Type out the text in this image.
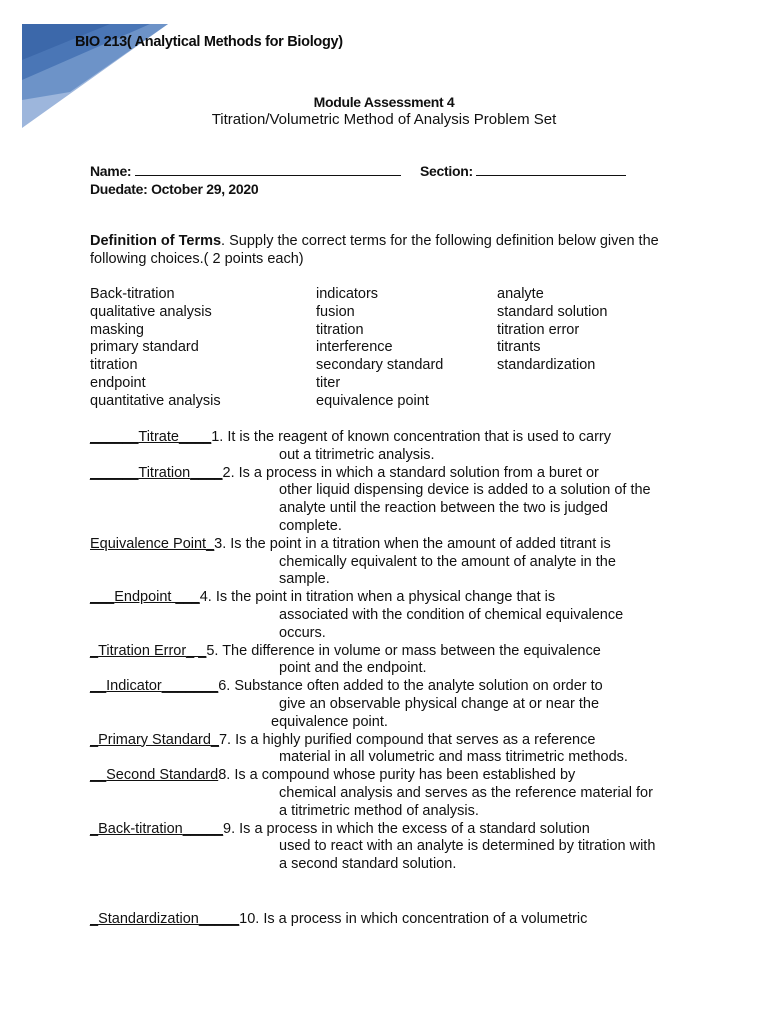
BIO 213( Analytical Methods for Biology)
Module Assessment 4
Titration/Volumetric Method of Analysis Problem Set
Name:	Section:
Duedate: October 29, 2020
Definition of Terms. Supply the correct terms for the following definition below given the following choices.( 2 points each)
Back-titration
qualitative analysis
masking
primary standard
titration
endpoint
quantitative analysis
indicators
fusion
titration
interference
secondary standard
titer
equivalence point
analyte
standard solution
titration error
titrants
standardization
______Titrate____1. It is the reagent of known concentration that is used to carry
out a titrimetric analysis.
______Titration____2. Is a process in which a standard solution from a buret or
other liquid dispensing device is added to a solution of the
analyte until the reaction between the two is judged
complete.
Equivalence Point_3. Is the point in a titration when the amount of added titrant is
chemically equivalent to the amount of analyte in the
sample.
___Endpoint ___4. Is the point in titration when a physical change that is
associated with the condition of chemical equivalence
occurs.
_Titration Error_ _5. The difference in volume or mass between the equivalence
point and the endpoint.
__Indicator_______6. Substance often added to the analyte solution on order to
give an observable physical change at or near the
equivalence point.
_Primary Standard_7. Is a highly purified compound that serves as a reference
material in all volumetric and mass titrimetric methods.
__Second Standard8. Is a compound whose purity has been established by
chemical analysis and serves as the reference material for
a titrimetric method of analysis.
_Back-titration_____9. Is a process in which the excess of a standard solution
used to react with an analyte is determined by titration with
a second standard solution.
_Standardization_____10. Is a process in which concentration of a volumetric
